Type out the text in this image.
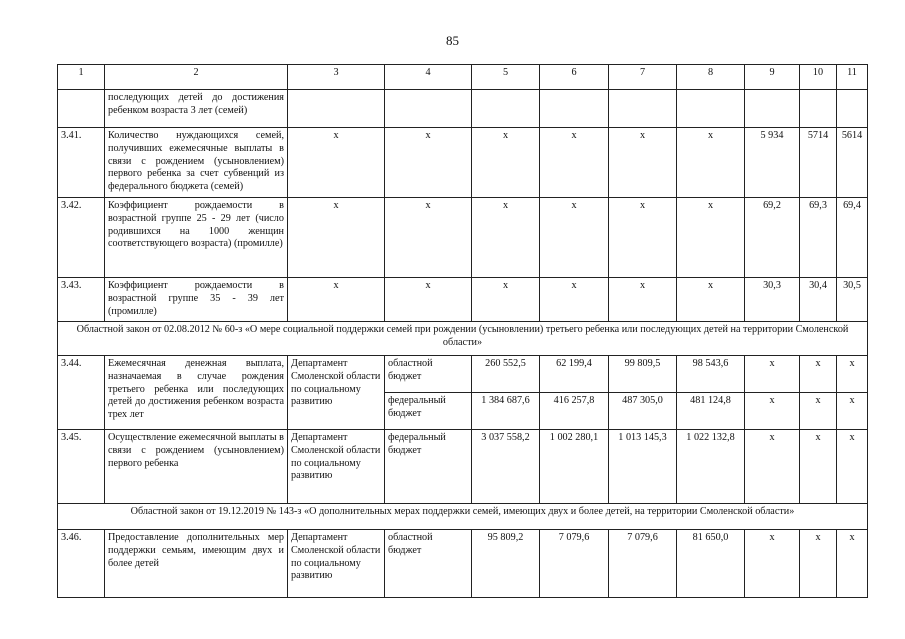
85
1	2	3	4	5	6	7	8	9	10	11
	последующих детей до достижения ребенком возраста 3 лет (семей)									
3.41.	Количество нуждающихся семей, получивших ежемесячные выплаты в связи с рождением (усыновлением) первого ребенка за счет субвенций из федерального бюджета (семей)	х	х	х	х	х	х	5 934	5714	5614
3.42.	Коэффициент рождаемости в возрастной группе 25 - 29 лет (число родившихся на 1000 женщин соответствующего возраста) (промилле)	х	х	х	х	х	х	69,2	69,3	69,4
3.43.	Коэффициент рождаемости в возрастной группе 35 - 39 лет (промилле)	х	х	х	х	х	х	30,3	30,4	30,5
Областной закон от 02.08.2012 № 60-з «О мере социальной поддержки семей при рождении (усыновлении) третьего ребенка или последующих детей на территории Смоленской области»										
3.44.	Ежемесячная денежная выплата, назначаемая в случае рождения третьего ребенка или последующих детей до достижения ребенком возраста трех лет	Департамент Смоленской области по социальному развитию	областной бюджет	260 552,5	62 199,4	99 809,5	98 543,6	х	х	х
			федеральный бюджет	1 384 687,6	416 257,8	487 305,0	481 124,8	х	х	х
3.45.	Осуществление ежемесячной выплаты в связи с рождением (усыновлением) первого ребенка	Департамент Смоленской области по социальному развитию	федеральный бюджет	3 037 558,2	1 002 280,1	1 013 145,3	1 022 132,8	х	х	х
Областной закон от 19.12.2019 № 143-з «О дополнительных мерах поддержки семей, имеющих двух и более детей, на территории Смоленской области»										
3.46.	Предоставление дополнительных мер поддержки семьям, имеющим двух и более детей	Департамент Смоленской области по социальному развитию	областной бюджет	95 809,2	7 079,6	7 079,6	81 650,0	х	х	х
